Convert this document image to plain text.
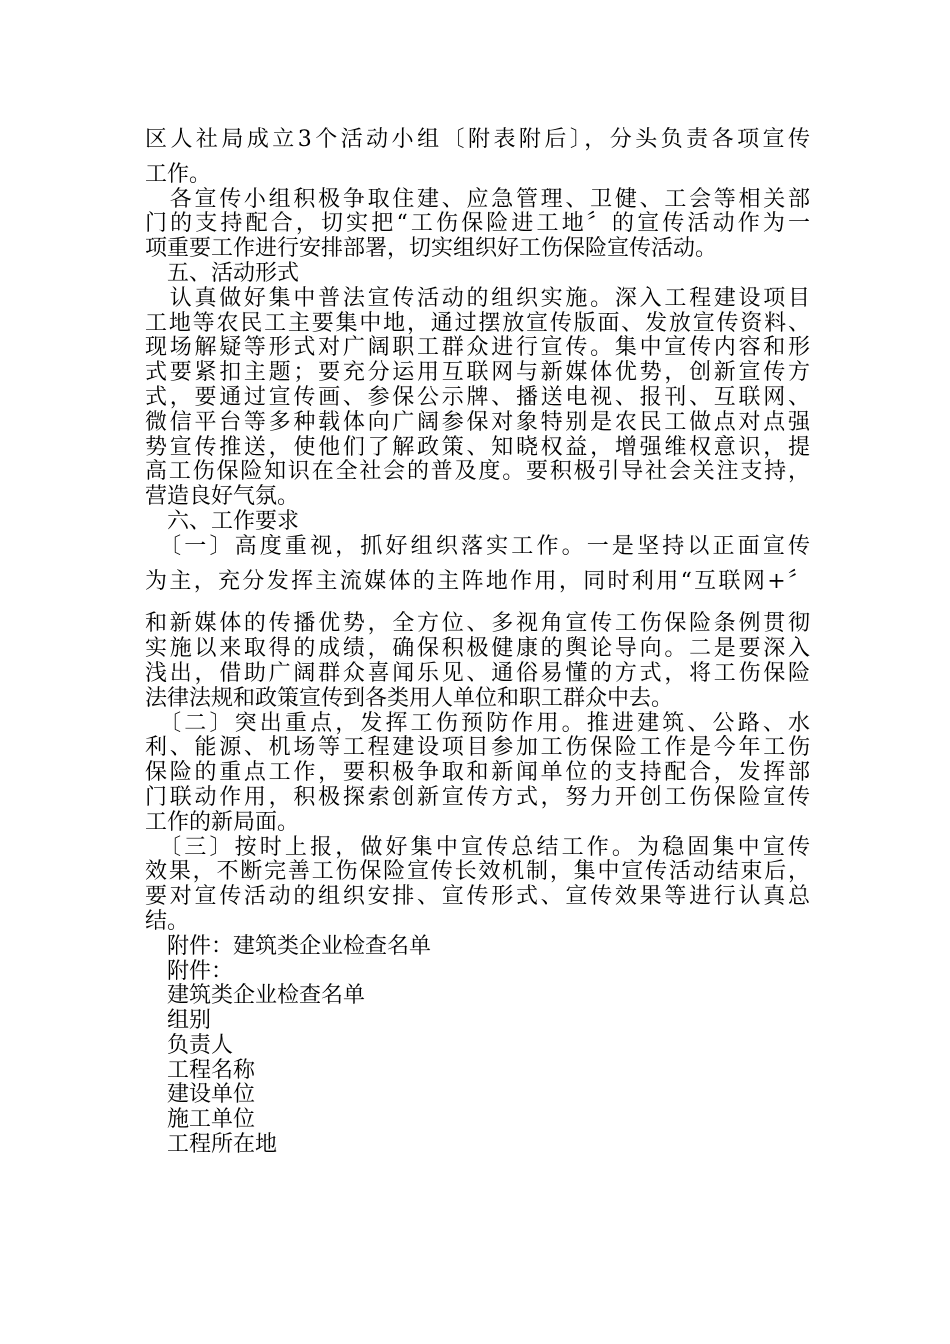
区人社局成立3个活动小组〔附表附后〕，分头负责各项宣传
工作。
　各宣传小组积极争取住建、应急管理、卫健、工会等相关部
门的支持配合，切实把“工伤保险进工地〞的宣传活动作为一
项重要工作进行安排部署，切实组织好工伤保险宣传活动。
　五、活动形式
　认真做好集中普法宣传活动的组织实施。深入工程建设项目
工地等农民工主要集中地，通过摆放宣传版面、发放宣传资料、
现场解疑等形式对广阔职工群众进行宣传。集中宣传内容和形
式要紧扣主题；要充分运用互联网与新媒体优势，创新宣传方
式，要通过宣传画、参保公示牌、播送电视、报刊、互联网、
微信平台等多种载体向广阔参保对象特别是农民工做点对点强
势宣传推送，使他们了解政策、知晓权益，增强维权意识，提
高工伤保险知识在全社会的普及度。要积极引导社会关注支持，
营造良好气氛。
　六、工作要求
　〔一〕高度重视，抓好组织落实工作。一是坚持以正面宣传
为主，充分发挥主流媒体的主阵地作用，同时利用“互联网+〞
和新媒体的传播优势，全方位、多视角宣传工伤保险条例贯彻
实施以来取得的成绩，确保积极健康的舆论导向。二是要深入
浅出，借助广阔群众喜闻乐见、通俗易懂的方式，将工伤保险
法律法规和政策宣传到各类用人单位和职工群众中去。
　〔二〕突出重点，发挥工伤预防作用。推进建筑、公路、水
利、能源、机场等工程建设项目参加工伤保险工作是今年工伤
保险的重点工作，要积极争取和新闻单位的支持配合，发挥部
门联动作用，积极探索创新宣传方式，努力开创工伤保险宣传
工作的新局面。
　〔三〕按时上报，做好集中宣传总结工作。为稳固集中宣传
效果，不断完善工伤保险宣传长效机制，集中宣传活动结束后，
要对宣传活动的组织安排、宣传形式、宣传效果等进行认真总
结。
　附件：建筑类企业检查名单
　附件：
　建筑类企业检查名单
　组别
　负责人
　工程名称
　建设单位
　施工单位
　工程所在地
